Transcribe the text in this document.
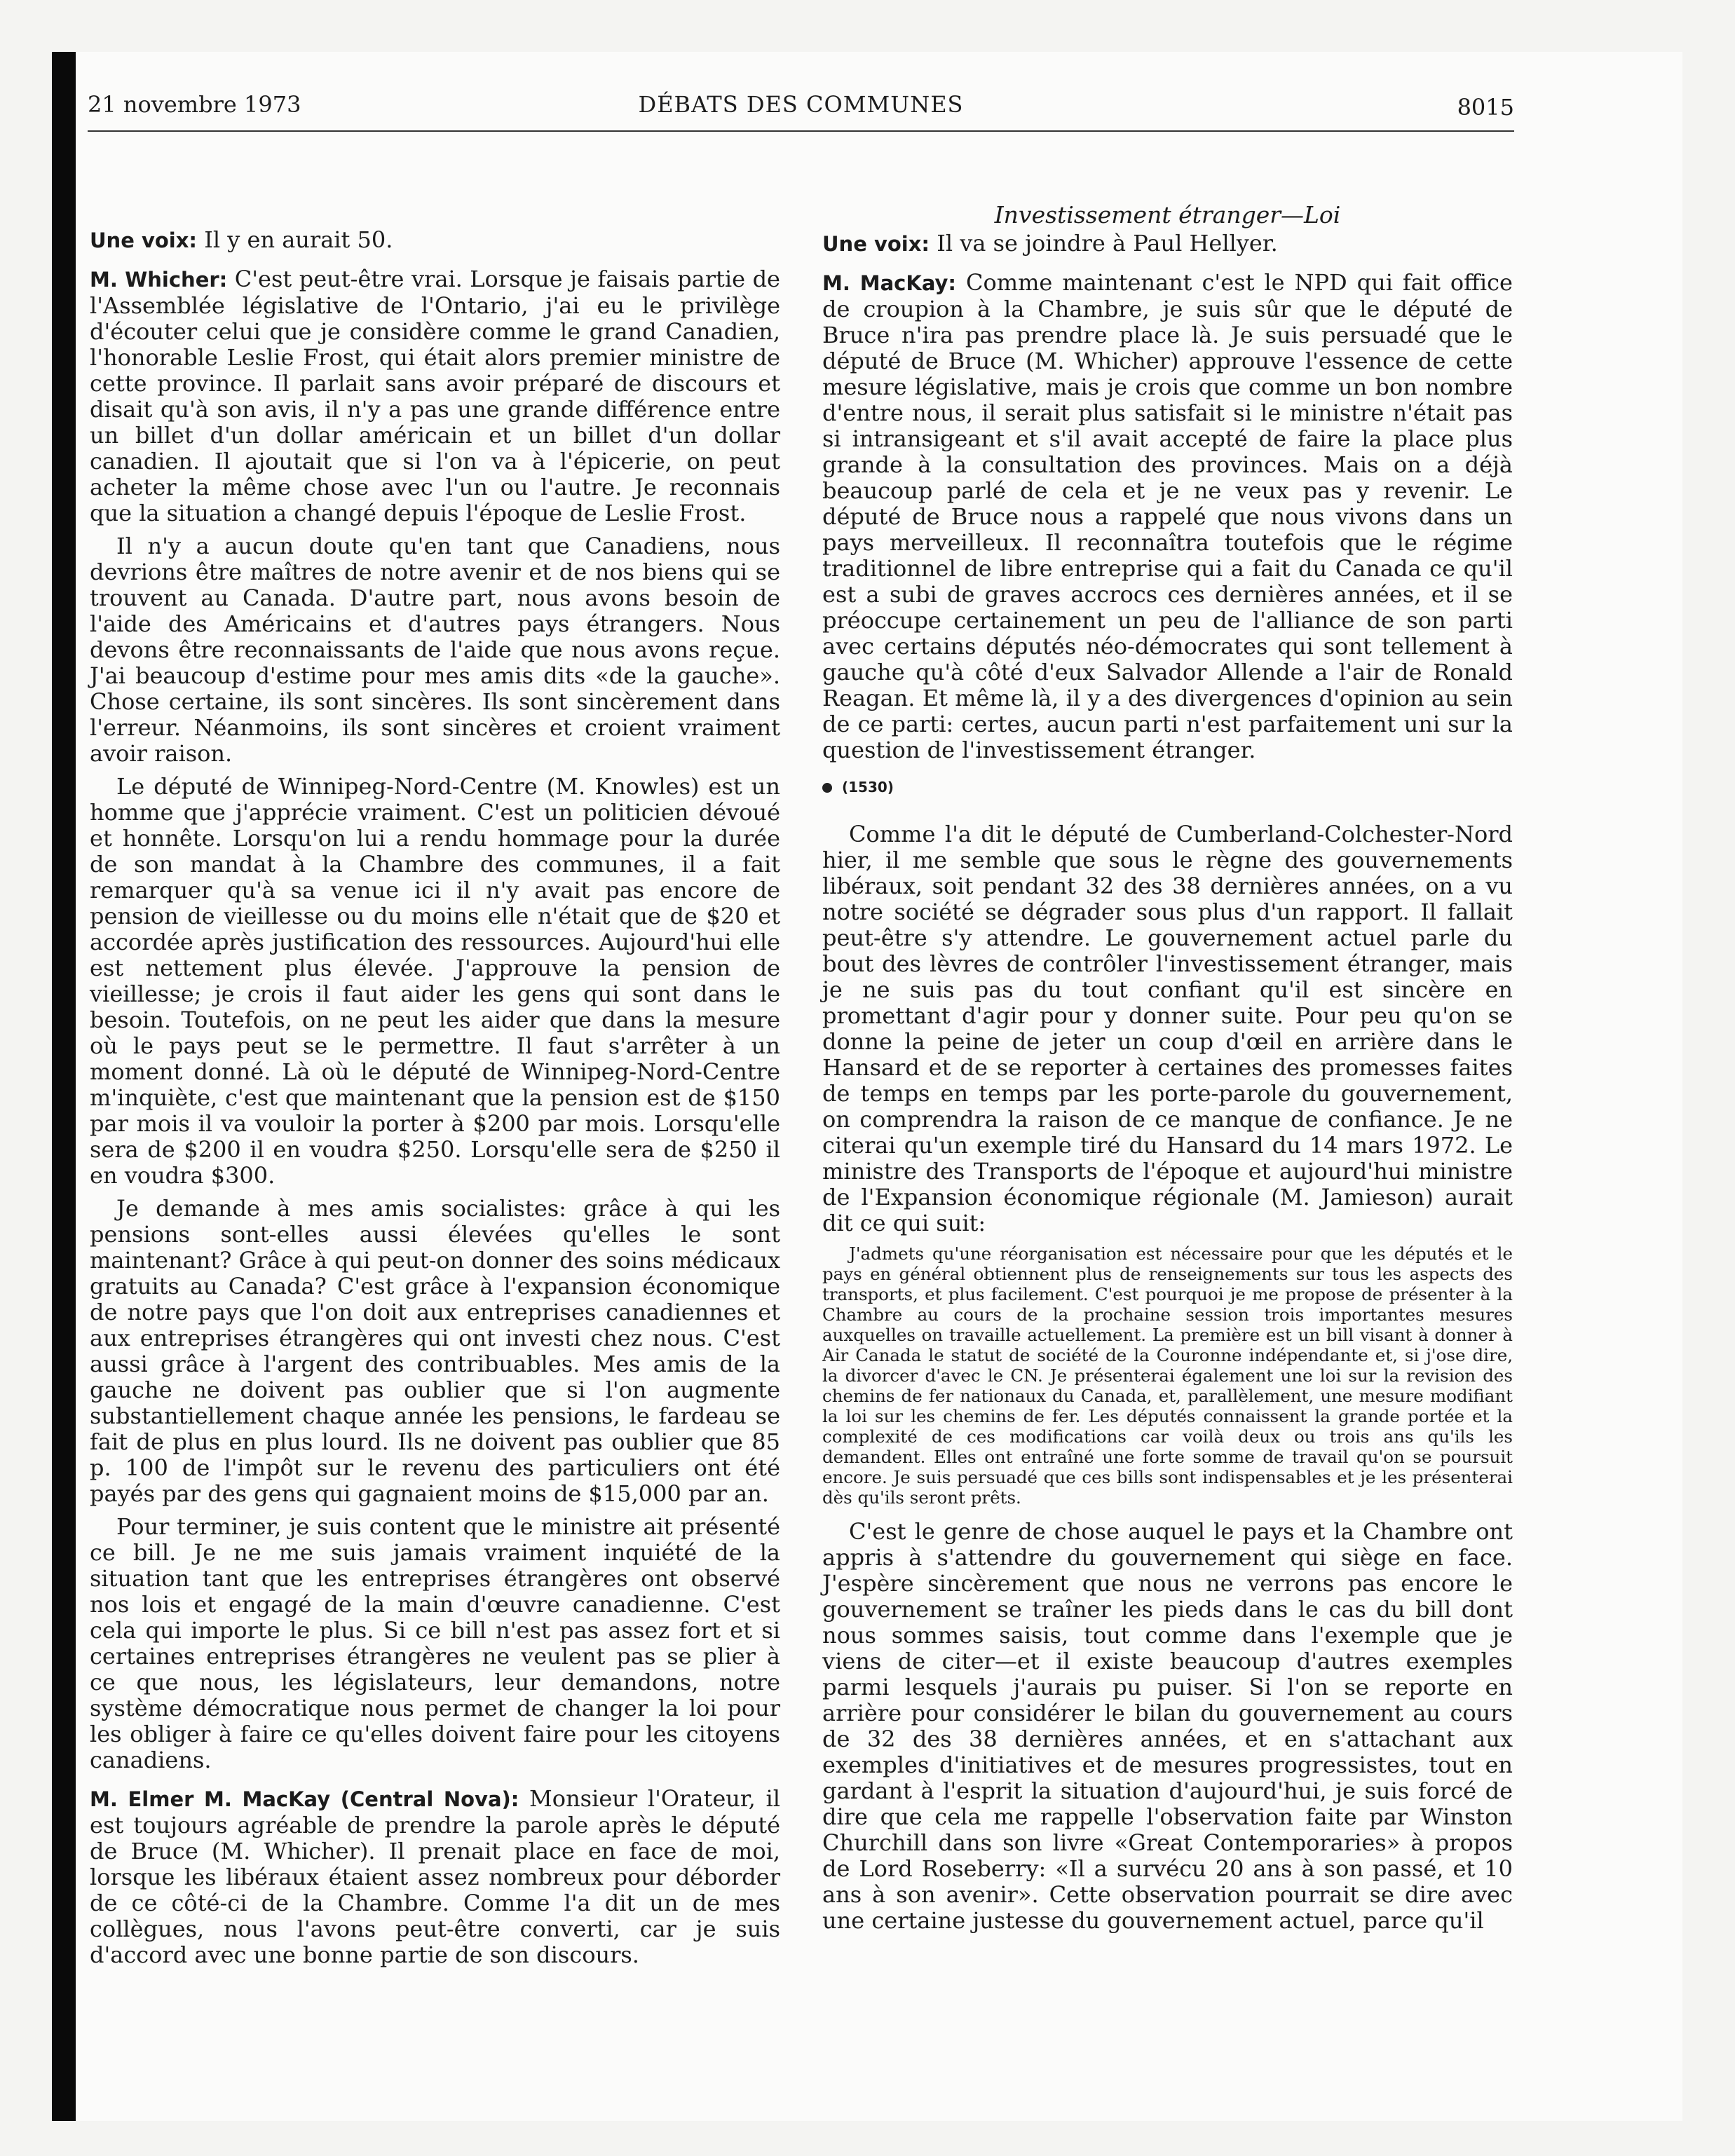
21 novembre 1973	DÉBATS DES COMMUNES	8015

Une voix: Il y en aurait 50.

M. Whicher: C'est peut-être vrai. Lorsque je faisais partie de l'Assemblée législative de l'Ontario, j'ai eu le privilège d'écouter celui que je considère comme le grand Canadien, l'honorable Leslie Frost, qui était alors premier ministre de cette province. Il parlait sans avoir préparé de discours et disait qu'à son avis, il n'y a pas une grande différence entre un billet d'un dollar américain et un billet d'un dollar canadien. Il ajoutait que si l'on va à l'épicerie, on peut acheter la même chose avec l'un ou l'autre. Je reconnais que la situation a changé depuis l'époque de Leslie Frost.

Il n'y a aucun doute qu'en tant que Canadiens, nous devrions être maîtres de notre avenir et de nos biens qui se trouvent au Canada. D'autre part, nous avons besoin de l'aide des Américains et d'autres pays étrangers. Nous devons être reconnaissants de l'aide que nous avons reçue. J'ai beaucoup d'estime pour mes amis dits «de la gauche». Chose certaine, ils sont sincères. Ils sont sincèrement dans l'erreur. Néanmoins, ils sont sincères et croient vraiment avoir raison.

Le député de Winnipeg-Nord-Centre (M. Knowles) est un homme que j'apprécie vraiment. C'est un politicien dévoué et honnête. Lorsqu'on lui a rendu hommage pour la durée de son mandat à la Chambre des communes, il a fait remarquer qu'à sa venue ici il n'y avait pas encore de pension de vieillesse ou du moins elle n'était que de $20 et accordée après justification des ressources. Aujourd'hui elle est nettement plus élevée. J'approuve la pension de vieillesse; je crois il faut aider les gens qui sont dans le besoin. Toutefois, on ne peut les aider que dans la mesure où le pays peut se le permettre. Il faut s'arrêter à un moment donné. Là où le député de Winnipeg-Nord-Centre m'inquiète, c'est que maintenant que la pension est de $150 par mois il va vouloir la porter à $200 par mois. Lorsqu'elle sera de $200 il en voudra $250. Lorsqu'elle sera de $250 il en voudra $300.

Je demande à mes amis socialistes: grâce à qui les pensions sont-elles aussi élevées qu'elles le sont maintenant? Grâce à qui peut-on donner des soins médicaux gratuits au Canada? C'est grâce à l'expansion économique de notre pays que l'on doit aux entreprises canadiennes et aux entreprises étrangères qui ont investi chez nous. C'est aussi grâce à l'argent des contribuables. Mes amis de la gauche ne doivent pas oublier que si l'on augmente substantiellement chaque année les pensions, le fardeau se fait de plus en plus lourd. Ils ne doivent pas oublier que 85 p. 100 de l'impôt sur le revenu des particuliers ont été payés par des gens qui gagnaient moins de $15,000 par an.

Pour terminer, je suis content que le ministre ait présenté ce bill. Je ne me suis jamais vraiment inquiété de la situation tant que les entreprises étrangères ont observé nos lois et engagé de la main d'œuvre canadienne. C'est cela qui importe le plus. Si ce bill n'est pas assez fort et si certaines entreprises étrangères ne veulent pas se plier à ce que nous, les législateurs, leur demandons, notre système démocratique nous permet de changer la loi pour les obliger à faire ce qu'elles doivent faire pour les citoyens canadiens.

M. Elmer M. MacKay (Central Nova): Monsieur l'Orateur, il est toujours agréable de prendre la parole après le député de Bruce (M. Whicher). Il prenait place en face de moi, lorsque les libéraux étaient assez nombreux pour déborder de ce côté-ci de la Chambre. Comme l'a dit un de mes collègues, nous l'avons peut-être converti, car je suis d'accord avec une bonne partie de son discours.

Investissement étranger—Loi

Une voix: Il va se joindre à Paul Hellyer.

M. MacKay: Comme maintenant c'est le NPD qui fait office de croupion à la Chambre, je suis sûr que le député de Bruce n'ira pas prendre place là. Je suis persuadé que le député de Bruce (M. Whicher) approuve l'essence de cette mesure législative, mais je crois que comme un bon nombre d'entre nous, il serait plus satisfait si le ministre n'était pas si intransigeant et s'il avait accepté de faire la place plus grande à la consultation des provinces. Mais on a déjà beaucoup parlé de cela et je ne veux pas y revenir. Le député de Bruce nous a rappelé que nous vivons dans un pays merveilleux. Il reconnaîtra toutefois que le régime traditionnel de libre entreprise qui a fait du Canada ce qu'il est a subi de graves accrocs ces dernières années, et il se préoccupe certainement un peu de l'alliance de son parti avec certains députés néo-démocrates qui sont tellement à gauche qu'à côté d'eux Salvador Allende a l'air de Ronald Reagan. Et même là, il y a des divergences d'opinion au sein de ce parti: certes, aucun parti n'est parfaitement uni sur la question de l'investissement étranger.

(1530)

Comme l'a dit le député de Cumberland-Colchester-Nord hier, il me semble que sous le règne des gouvernements libéraux, soit pendant 32 des 38 dernières années, on a vu notre société se dégrader sous plus d'un rapport. Il fallait peut-être s'y attendre. Le gouvernement actuel parle du bout des lèvres de contrôler l'investissement étranger, mais je ne suis pas du tout confiant qu'il est sincère en promettant d'agir pour y donner suite. Pour peu qu'on se donne la peine de jeter un coup d'œil en arrière dans le Hansard et de se reporter à certaines des promesses faites de temps en temps par les porte-parole du gouvernement, on comprendra la raison de ce manque de confiance. Je ne citerai qu'un exemple tiré du Hansard du 14 mars 1972. Le ministre des Transports de l'époque et aujourd'hui ministre de l'Expansion économique régionale (M. Jamieson) aurait dit ce qui suit:

J'admets qu'une réorganisation est nécessaire pour que les députés et le pays en général obtiennent plus de renseignements sur tous les aspects des transports, et plus facilement. C'est pourquoi je me propose de présenter à la Chambre au cours de la prochaine session trois importantes mesures auxquelles on travaille actuellement. La première est un bill visant à donner à Air Canada le statut de société de la Couronne indépendante et, si j'ose dire, la divorcer d'avec le CN. Je présenterai également une loi sur la revision des chemins de fer nationaux du Canada, et, parallèlement, une mesure modifiant la loi sur les chemins de fer. Les députés connaissent la grande portée et la complexité de ces modifications car voilà deux ou trois ans qu'ils les demandent. Elles ont entraîné une forte somme de travail qu'on se poursuit encore. Je suis persuadé que ces bills sont indispensables et je les présenterai dès qu'ils seront prêts.

C'est le genre de chose auquel le pays et la Chambre ont appris à s'attendre du gouvernement qui siège en face. J'espère sincèrement que nous ne verrons pas encore le gouvernement se traîner les pieds dans le cas du bill dont nous sommes saisis, tout comme dans l'exemple que je viens de citer—et il existe beaucoup d'autres exemples parmi lesquels j'aurais pu puiser. Si l'on se reporte en arrière pour considérer le bilan du gouvernement au cours de 32 des 38 dernières années, et en s'attachant aux exemples d'initiatives et de mesures progressistes, tout en gardant à l'esprit la situation d'aujourd'hui, je suis forcé de dire que cela me rappelle l'observation faite par Winston Churchill dans son livre «Great Contemporaries» à propos de Lord Roseberry: «Il a survécu 20 ans à son passé, et 10 ans à son avenir». Cette observation pourrait se dire avec une certaine justesse du gouvernement actuel, parce qu'il
